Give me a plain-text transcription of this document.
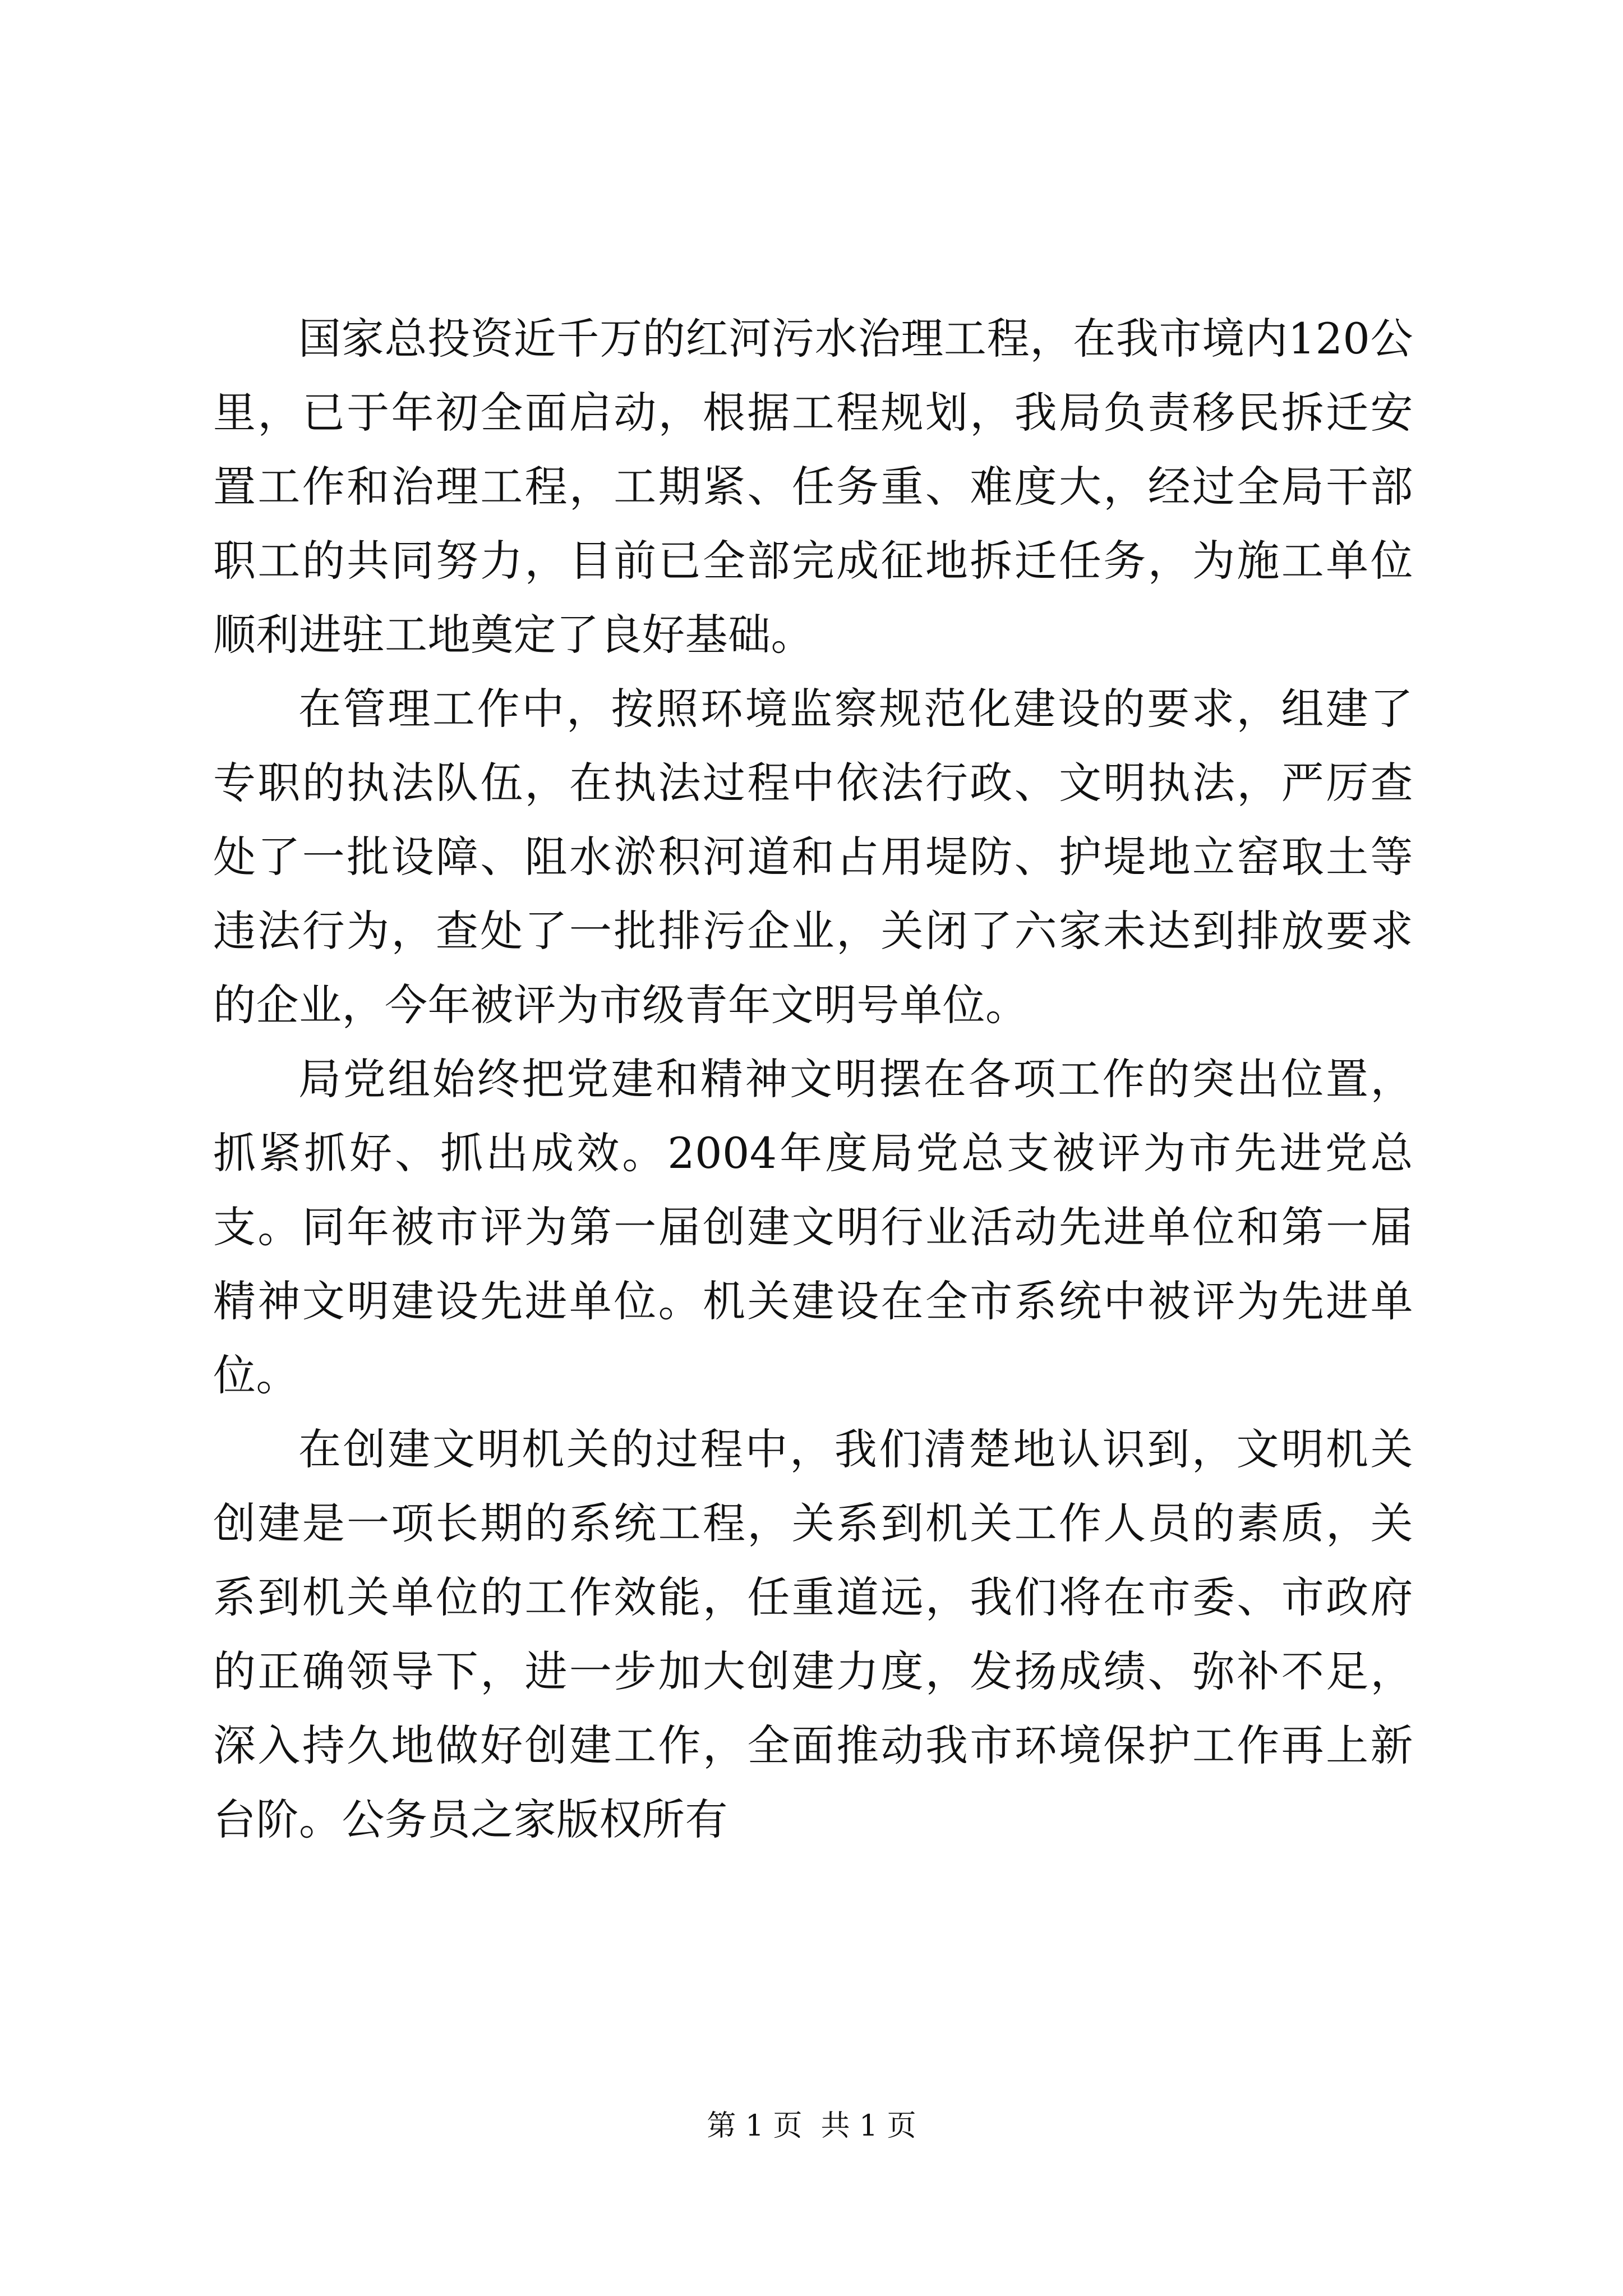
国家总投资近千万的红河污水治理工程，在我市境内120公里，已于年初全面启动，根据工程规划，我局负责移民拆迁安置工作和治理工程，工期紧、任务重、难度大，经过全局干部职工的共同努力，目前已全部完成征地拆迁任务，为施工单位顺利进驻工地奠定了良好基础。

在管理工作中，按照环境监察规范化建设的要求，组建了专职的执法队伍，在执法过程中依法行政、文明执法，严厉查处了一批设障、阻水淤积河道和占用堤防、护堤地立窑取土等违法行为，查处了一批排污企业，关闭了六家未达到排放要求的企业，今年被评为市级青年文明号单位。

局党组始终把党建和精神文明摆在各项工作的突出位置，抓紧抓好、抓出成效。2004年度局党总支被评为市先进党总支。同年被市评为第一届创建文明行业活动先进单位和第一届精神文明建设先进单位。机关建设在全市系统中被评为先进单位。

在创建文明机关的过程中，我们清楚地认识到，文明机关创建是一项长期的系统工程，关系到机关工作人员的素质，关系到机关单位的工作效能，任重道远，我们将在市委、市政府的正确领导下，进一步加大创建力度，发扬成绩、弥补不足，深入持久地做好创建工作，全面推动我市环境保护工作再上新台阶。公务员之家版权所有

第 1 页  共 1 页
